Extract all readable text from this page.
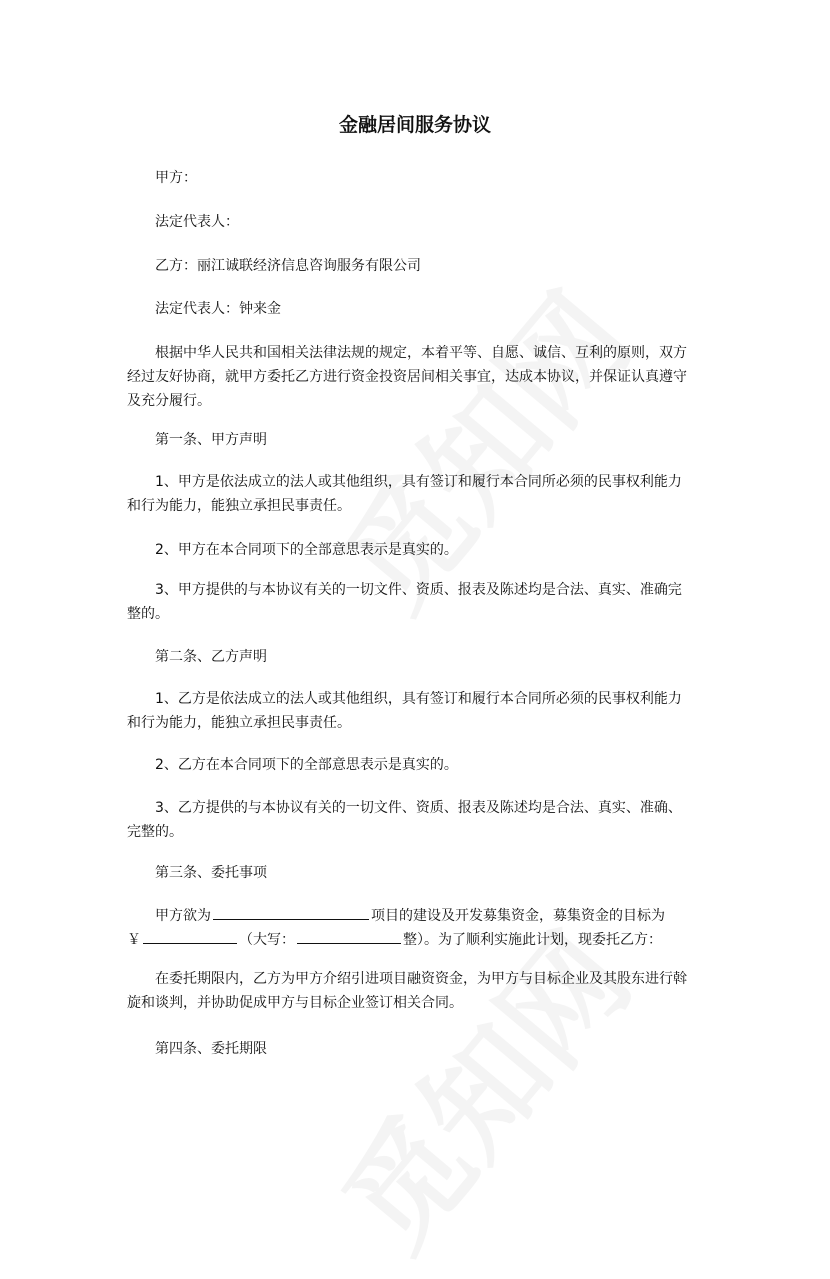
金融居间服务协议

甲方：

法定代表人：

乙方：丽江诚联经济信息咨询服务有限公司

法定代表人：钟来金

根据中华人民共和国相关法律法规的规定，本着平等、自愿、诚信、互利的原则，双方
经过友好协商，就甲方委托乙方进行资金投资居间相关事宜，达成本协议，并保证认真遵守
及充分履行。

第一条、甲方声明

1、甲方是依法成立的法人或其他组织，具有签订和履行本合同所必须的民事权利能力
和行为能力，能独立承担民事责任。

2、甲方在本合同项下的全部意思表示是真实的。

3、甲方提供的与本协议有关的一切文件、资质、报表及陈述均是合法、真实、准确完
整的。

第二条、乙方声明

1、乙方是依法成立的法人或其他组织，具有签订和履行本合同所必须的民事权利能力
和行为能力，能独立承担民事责任。

2、乙方在本合同项下的全部意思表示是真实的。

3、乙方提供的与本协议有关的一切文件、资质、报表及陈述均是合法、真实、准确、
完整的。

第三条、委托事项

甲方欲为	项目的建设及开发募集资金，募集资金的目标为
￥	（大写：	整）。为了顺利实施此计划，现委托乙方：
在委托期限内，乙方为甲方介绍引进项目融资资金，为甲方与目标企业及其股东进行斡
旋和谈判，并协助促成甲方与目标企业签订相关合同。

第四条、委托期限
